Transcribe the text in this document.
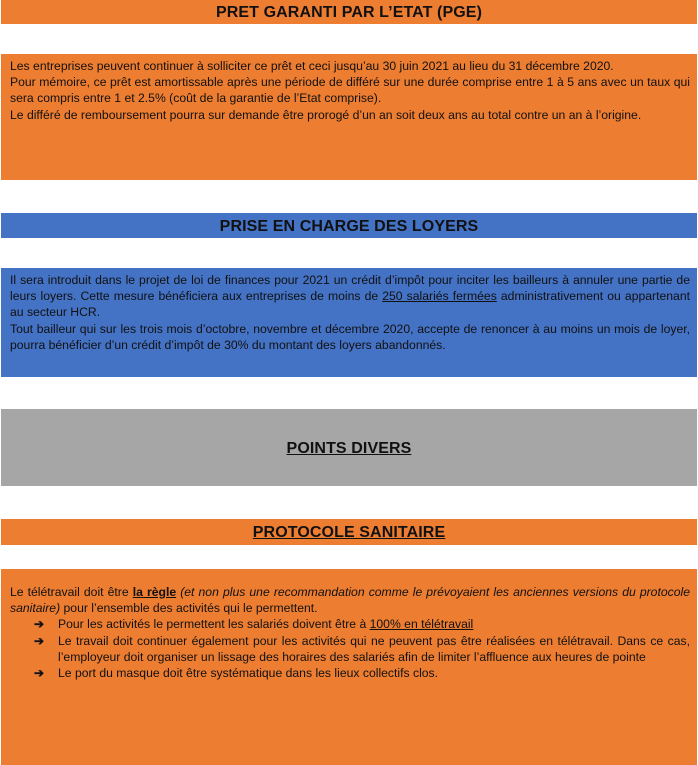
PRET GARANTI PAR L’ETAT (PGE)

Les entreprises peuvent continuer à solliciter ce prêt et ceci jusqu’au 30 juin 2021 au lieu du 31 décembre 2020.

Pour mémoire, ce prêt est amortissable après une période de différé sur une durée comprise entre 1 à 5 ans avec un taux qui sera compris entre 1 et 2.5% (coût de la garantie de l’Etat comprise).

Le différé de remboursement pourra sur demande être prorogé d’un an soit deux ans au total contre un an à l’origine.

PRISE EN CHARGE DES LOYERS

Il sera introduit dans le projet de loi de finances pour 2021 un crédit d’impôt pour inciter les bailleurs à annuler une partie de leurs loyers. Cette mesure bénéficiera aux entreprises de moins de 250 salariés fermées administrativement ou appartenant au secteur HCR.

Tout bailleur qui sur les trois mois d’octobre, novembre et décembre 2020, accepte de renoncer à au moins un mois de loyer, pourra bénéficier d’un crédit d’impôt de 30% du montant des loyers abandonnés.

POINTS DIVERS
PROTOCOLE SANITAIRE

Le télétravail doit être la règle (et non plus une recommandation comme le prévoyaient les anciennes versions du protocole sanitaire) pour l’ensemble des activités qui le permettent.

➔ Pour les activités le permettent les salariés doivent être à 100% en télétravail
➔ Le travail doit continuer également pour les activités qui ne peuvent pas être réalisées en télétravail. Dans ce cas, l’employeur doit organiser un lissage des horaires des salariés afin de limiter l’affluence aux heures de pointe
➔ Le port du masque doit être systématique dans les lieux collectifs clos.
